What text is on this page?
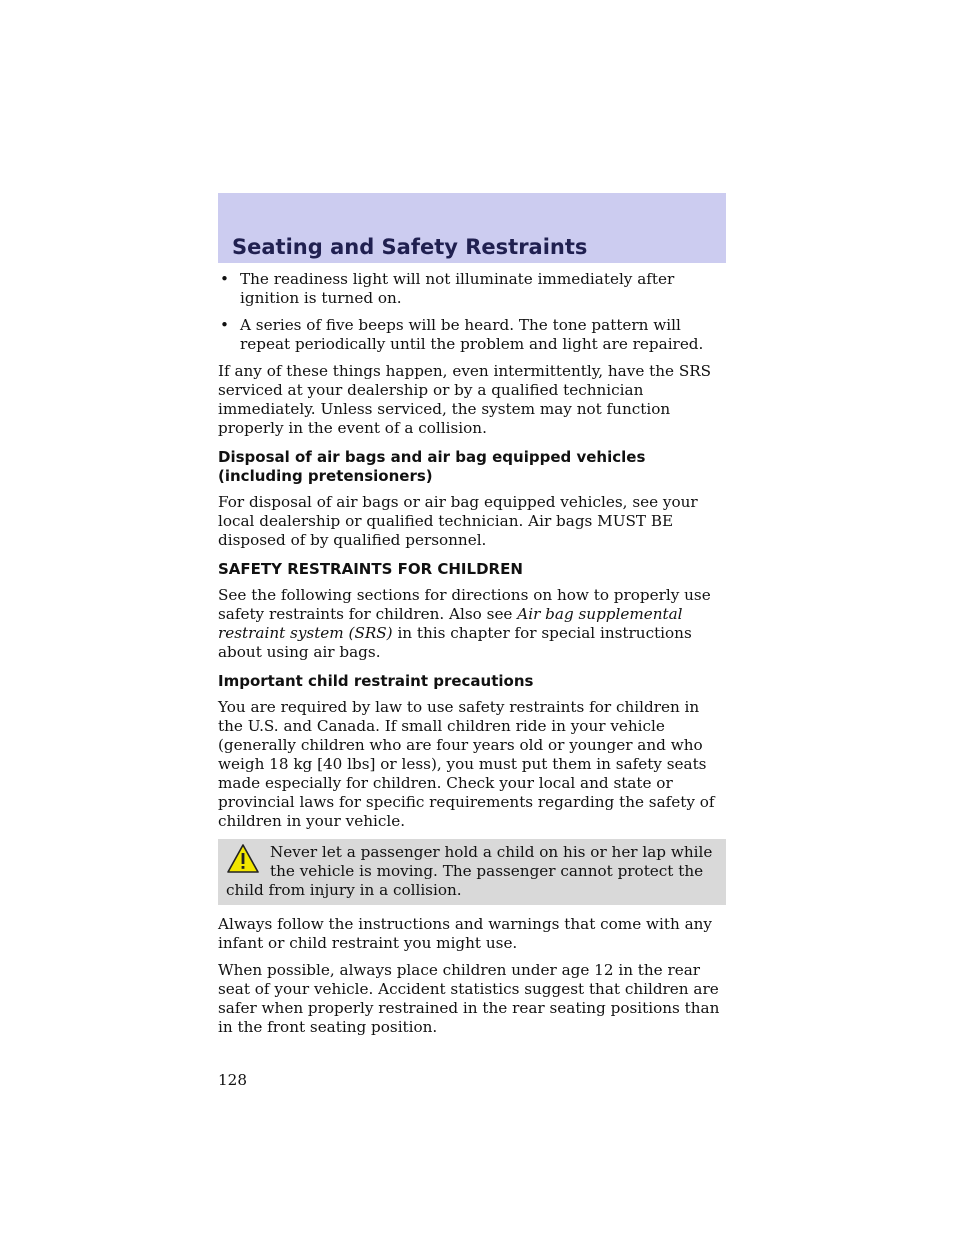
Seating and Safety Restraints
• The readiness light will not illuminate immediately after ignition is turned on.
• A series of five beeps will be heard. The tone pattern will repeat periodically until the problem and light are repaired.

If any of these things happen, even intermittently, have the SRS serviced at your dealership or by a qualified technician immediately. Unless serviced, the system may not function properly in the event of a collision.

Disposal of air bags and air bag equipped vehicles (including pretensioners)

For disposal of air bags or air bag equipped vehicles, see your local dealership or qualified technician. Air bags MUST BE disposed of by qualified personnel.

SAFETY RESTRAINTS FOR CHILDREN

See the following sections for directions on how to properly use safety restraints for children. Also see Air bag supplemental restraint system (SRS) in this chapter for special instructions about using air bags.

Important child restraint precautions

You are required by law to use safety restraints for children in the U.S. and Canada. If small children ride in your vehicle (generally children who are four years old or younger and who weigh 18 kg [40 lbs] or less), you must put them in safety seats made especially for children. Check your local and state or provincial laws for specific requirements regarding the safety of children in your vehicle.

Never let a passenger hold a child on his or her lap while the vehicle is moving. The passenger cannot protect the child from injury in a collision.

Always follow the instructions and warnings that come with any infant or child restraint you might use.

When possible, always place children under age 12 in the rear seat of your vehicle. Accident statistics suggest that children are safer when properly restrained in the rear seating positions than in the front seating position.

128
